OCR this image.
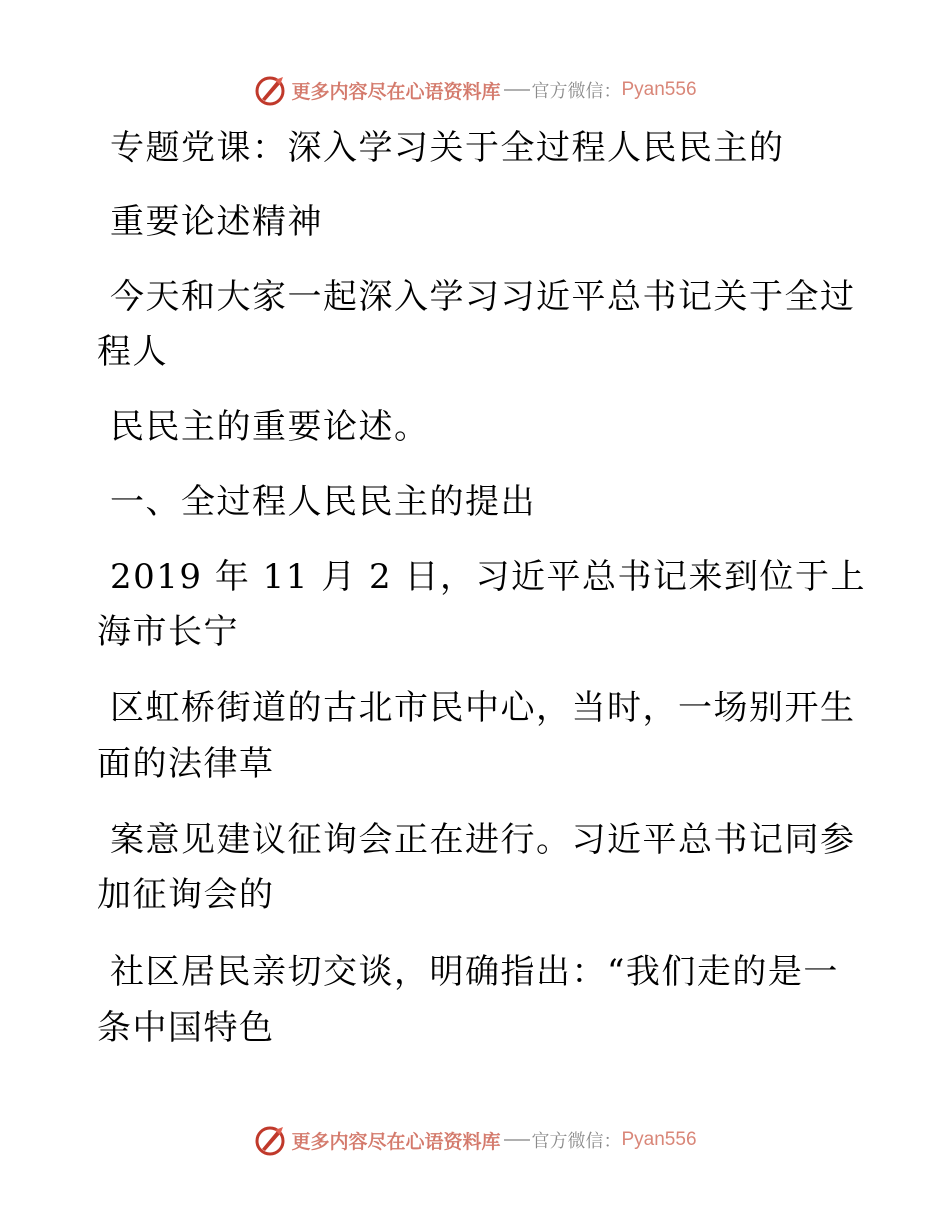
更多内容尽在心语资料库 官方微信： Pyan556
专题党课：深入学习关于全过程人民民主的
重要论述精神
今天和大家一起深入学习习近平总书记关于全过
程人
民民主的重要论述。
一、全过程人民民主的提出
2019 年 11 月 2 日，习近平总书记来到位于上
海市长宁
区虹桥街道的古北市民中心，当时，一场别开生
面的法律草
案意见建议征询会正在进行。习近平总书记同参
加征询会的
社区居民亲切交谈，明确指出：“我们走的是一
条中国特色
更多内容尽在心语资料库 官方微信： Pyan556
